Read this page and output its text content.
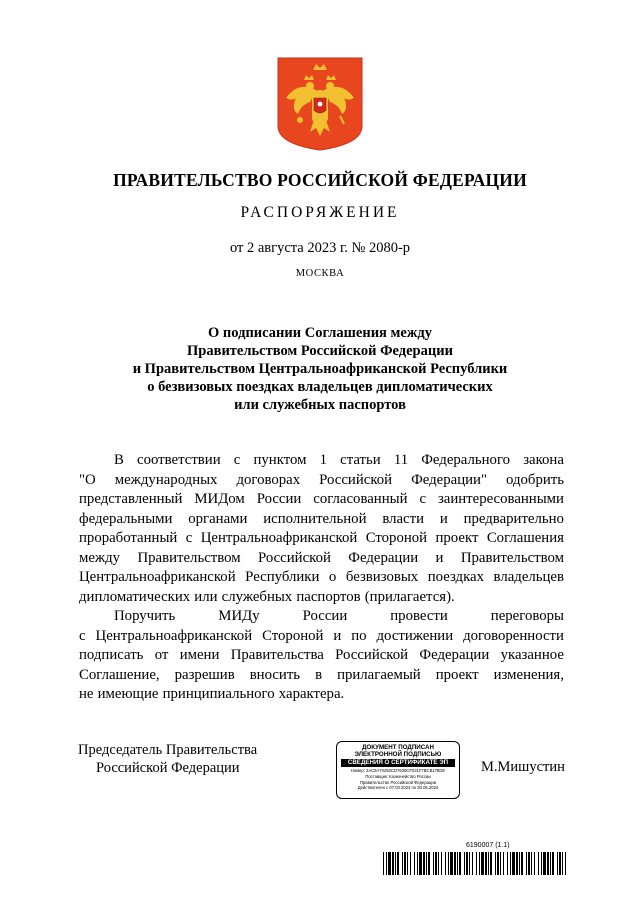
ПРАВИТЕЛЬСТВО РОССИЙСКОЙ ФЕДЕРАЦИИ
РАСПОРЯЖЕНИЕ
от 2 августа 2023 г. № 2080-р
МОСКВА
О подписании Соглашения между
Правительством Российской Федерации
и Правительством Центральноафриканской Республики
о безвизовых поездках владельцев дипломатических
или служебных паспортов
В соответствии с пунктом 1 статьи 11 Федерального закона
"О международных договорах Российской Федерации" одобрить
представленный МИДом России согласованный с заинтересованными
федеральными органами исполнительной власти и предварительно
проработанный с Центральноафриканской Стороной проект Соглашения
между Правительством Российской Федерации и Правительством
Центральноафриканской Республики о безвизовых поездках владельцев
дипломатических или служебных паспортов (прилагается).
Поручить	МИДу	России	провести	переговоры
с Центральноафриканской Стороной и по достижении договоренности
подписать от имени Правительства Российской Федерации указанное
Соглашение, разрешив вносить в прилагаемый проект изменения,
не имеющие принципиального характера.
Председатель Правительства
Российской Федерации
ДОКУМЕНТ ПОДПИСАН
ЭЛЕКТРОННОЙ ПОДПИСЬЮ
СВЕДЕНИЯ О СЕРТИФИКАТЕ ЭП
Номер: 2AC5A70250CD7630CF031F7BCB178DE
Поставщик: Казначейство России
Правительство Российской Федерации
Действителен с 07.03.2023 по 30.05.2024
М.Мишустин
6190007 (1.1)
